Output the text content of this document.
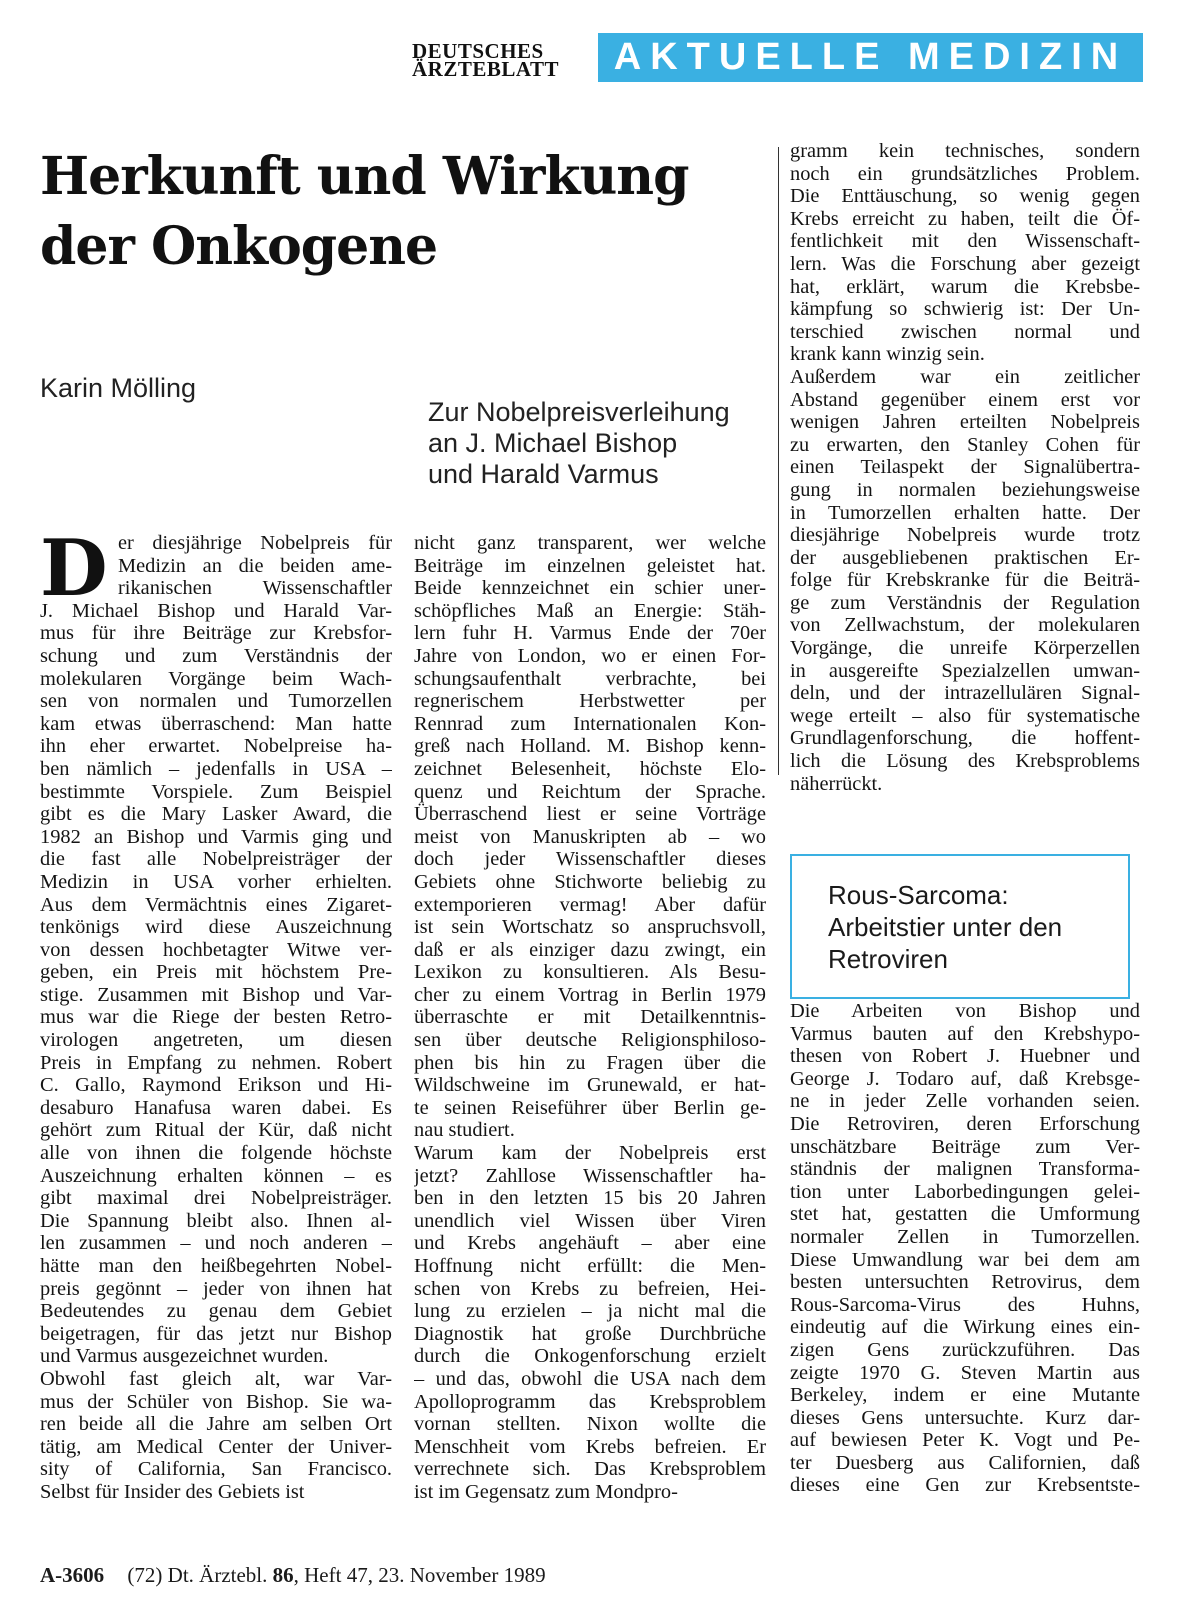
DEUTSCHES
ÄRZTEBLATT	AKTUELLE MEDIZIN
Herkunft und Wirkung
der Onkogene

Karin Mölling

Zur Nobelpreisverleihung
an J. Michael Bishop
und Harald Varmus

D er diesjährige Nobelpreis für
Medizin an die beiden ame-
rikanischen Wissenschaftler
J. Michael Bishop und Harald Var-
mus für ihre Beiträge zur Krebsfor-
schung und zum Verständnis der
molekularen Vorgänge beim Wach-
sen von normalen und Tumorzellen
kam etwas überraschend: Man hatte
ihn eher erwartet. Nobelpreise ha-
ben nämlich – jedenfalls in USA –
bestimmte Vorspiele. Zum Beispiel
gibt es die Mary Lasker Award, die
1982 an Bishop und Varmis ging und
die fast alle Nobelpreisträger der
Medizin in USA vorher erhielten.
Aus dem Vermächtnis eines Zigaret-
tenkönigs wird diese Auszeichnung
von dessen hochbetagter Witwe ver-
geben, ein Preis mit höchstem Pre-
stige. Zusammen mit Bishop und Var-
mus war die Riege der besten Retro-
virologen angetreten, um diesen
Preis in Empfang zu nehmen. Robert
C. Gallo, Raymond Erikson und Hi-
desaburo Hanafusa waren dabei. Es
gehört zum Ritual der Kür, daß nicht
alle von ihnen die folgende höchste
Auszeichnung erhalten können – es
gibt maximal drei Nobelpreisträger.
Die Spannung bleibt also. Ihnen al-
len zusammen – und noch anderen –
hätte man den heißbegehrten Nobel-
preis gegönnt – jeder von ihnen hat
Bedeutendes zu genau dem Gebiet
beigetragen, für das jetzt nur Bishop
und Varmus ausgezeichnet wurden.
Obwohl fast gleich alt, war Var-
mus der Schüler von Bishop. Sie wa-
ren beide all die Jahre am selben Ort
tätig, am Medical Center der Univer-
sity of California, San Francisco.
Selbst für Insider des Gebiets ist
nicht ganz transparent, wer welche
Beiträge im einzelnen geleistet hat.
Beide kennzeichnet ein schier uner-
schöpfliches Maß an Energie: Stäh-
lern fuhr H. Varmus Ende der 70er
Jahre von London, wo er einen For-
schungsaufenthalt verbrachte, bei
regnerischem Herbstwetter per
Rennrad zum Internationalen Kon-
greß nach Holland. M. Bishop kenn-
zeichnet Belesenheit, höchste Elo-
quenz und Reichtum der Sprache.
Überraschend liest er seine Vorträge
meist von Manuskripten ab – wo
doch jeder Wissenschaftler dieses
Gebiets ohne Stichworte beliebig zu
extemporieren vermag! Aber dafür
ist sein Wortschatz so anspruchsvoll,
daß er als einziger dazu zwingt, ein
Lexikon zu konsultieren. Als Besu-
cher zu einem Vortrag in Berlin 1979
überraschte er mit Detailkenntnis-
sen über deutsche Religionsphiloso-
phen bis hin zu Fragen über die
Wildschweine im Grunewald, er hat-
te seinen Reiseführer über Berlin ge-
nau studiert.
Warum kam der Nobelpreis erst
jetzt? Zahllose Wissenschaftler ha-
ben in den letzten 15 bis 20 Jahren
unendlich viel Wissen über Viren
und Krebs angehäuft – aber eine
Hoffnung nicht erfüllt: die Men-
schen von Krebs zu befreien, Hei-
lung zu erzielen – ja nicht mal die
Diagnostik hat große Durchbrüche
durch die Onkogenforschung erzielt
– und das, obwohl die USA nach dem
Apolloprogramm das Krebsproblem
vornan stellten. Nixon wollte die
Menschheit vom Krebs befreien. Er
verrechnete sich. Das Krebsproblem
ist im Gegensatz zum Mondpro-
gramm kein technisches, sondern
noch ein grundsätzliches Problem.
Die Enttäuschung, so wenig gegen
Krebs erreicht zu haben, teilt die Öf-
fentlichkeit mit den Wissenschaft-
lern. Was die Forschung aber gezeigt
hat, erklärt, warum die Krebsbe-
kämpfung so schwierig ist: Der Un-
terschied zwischen normal und
krank kann winzig sein.
Außerdem war ein zeitlicher
Abstand gegenüber einem erst vor
wenigen Jahren erteilten Nobelpreis
zu erwarten, den Stanley Cohen für
einen Teilaspekt der Signalübertra-
gung in normalen beziehungsweise
in Tumorzellen erhalten hatte. Der
diesjährige Nobelpreis wurde trotz
der ausgebliebenen praktischen Er-
folge für Krebskranke für die Beiträ-
ge zum Verständnis der Regulation
von Zellwachstum, der molekularen
Vorgänge, die unreife Körperzellen
in ausgereifte Spezialzellen umwan-
deln, und der intrazellulären Signal-
wege erteilt – also für systematische
Grundlagenforschung, die hoffent-
lich die Lösung des Krebsproblems
näherrückt.

Rous-Sarcoma:
Arbeitstier unter den
Retroviren

Die Arbeiten von Bishop und
Varmus bauten auf den Krebshypo-
thesen von Robert J. Huebner und
George J. Todaro auf, daß Krebsge-
ne in jeder Zelle vorhanden seien.
Die Retroviren, deren Erforschung
unschätzbare Beiträge zum Ver-
ständnis der malignen Transforma-
tion unter Laborbedingungen gelei-
stet hat, gestatten die Umformung
normaler Zellen in Tumorzellen.
Diese Umwandlung war bei dem am
besten untersuchten Retrovirus, dem
Rous-Sarcoma-Virus des Huhns,
eindeutig auf die Wirkung eines ein-
zigen Gens zurückzuführen. Das
zeigte 1970 G. Steven Martin aus
Berkeley, indem er eine Mutante
dieses Gens untersuchte. Kurz dar-
auf bewiesen Peter K. Vogt und Pe-
ter Duesberg aus Californien, daß
dieses eine Gen zur Krebsentste-
A-3606 (72) Dt. Ärztebl. 86, Heft 47, 23. November 1989
